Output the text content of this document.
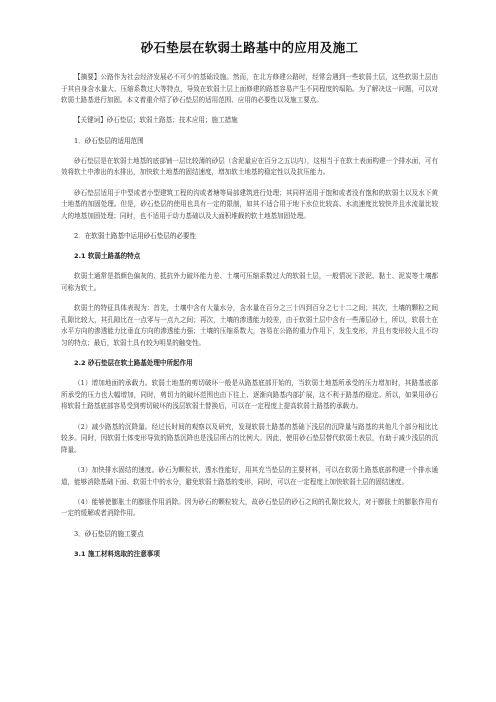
砂石垫层在软弱土路基中的应用及施工

【摘要】公路作为社会经济发展必不可少的基础设施。然而，在北方修建公路时，经常会遇到一些软弱土层，这些软弱土层由于其自身含水量大、压缩系数过大等特点，导致在软弱土层上面修建的路基容易产生不同程度的塌陷。为了解决这一问题，可以对软弱土路基进行加固。本文着重介绍了砂石垫层的适用范围、应用的必要性以及施工要点。

【关键词】砂石垫层；软弱土路基；技术应用；施工措施

1．砂石垫层的适用范围

砂石垫层是在软弱土地基的底部铺一层比较薄的砂层（含泥量应在百分之五以内），这相当于在软土表面构建一个排水面，可有效将软土中渗出的水排出，加快软土地基的固结速度，增加软土地基的稳定性以及抗压能力。

砂石垫层适用于中型或者小型建筑工程的沟或者塘等局部建筑进行处理；其同样适用于饱和或者没有饱和的软弱土以及水下黄土地基的加固处理。但是，砂石垫层的使用也具有一定的限制，如其不适合用于地下水位比较高、水流速度比较快并且水流量比较大的地基加固处理；同时，也不适用于动力基础以及大面积堆载的软土地基加固处理。

2．在软弱土路基中运用砂石垫层的必要性

2.1 软弱土路基的特点

软弱土通常是指颜色偏灰的、抵抗外力破坏能力差、土壤可压缩系数过大的软弱土层，一般情况下淤泥、黏土、泥炭等土壤都可称为软土。

软弱土的特征具体表现为：首先，土壤中含有大量水分，含水量在百分之三十四到百分之七十二之间；其次，土壤的颗粒之间孔隙比较大，其孔隙比在一点零与一点九之间；再次，土壤的渗透能力较差，由于软弱土层中含有一些薄层砂土，所以，软弱土在水平方向的渗透能力比垂直方向的渗透能力强；土壤的压缩系数大，容易在公路的重力作用下，发生变形，并且有变形较大且不均匀的特点；最后，软弱土具有较为明显的触变性。

2.2 砂石垫层在软土路基处理中所起作用

（1）增加地面的承载力。软弱土地基的剪切破坏一般是从路基底部开始的，当软弱土地基所承受的压力增加时，其路基底部所承受的压力也大幅增加，同时，剪切力的破坏范围也由下往上、逐渐向路基内部扩展，这不利于路基的稳定。所以，如果用砂石将软弱土路基底部容易受到剪切破坏的浅层软弱土替换后，可以在一定程度上提高软弱土路基的承载力。

（2）减少路基的沉降量。经过长时间的观察以及研究，发现软弱土路基的基础下浅层的沉降量与路基的其他几个部分相比比较多。同时，因软弱土体变形导致的路基沉降也是浅层所占的比例大。因此，使用砂石垫层替代软弱土表层，有助于减少浅层的沉降量。

（3）加快排水固结的速度。砂石为颗粒状，透水性能好，用其充当垫层的主要材料，可以在软弱土路基底部构建一个排水通道，能够消除基础下面、软弱土中的水分，避免软弱土路基的变形，同时，可以在一定程度上加快软弱土层的固结速度。

（4）能够使膨胀土的膨胀作用消除。因为砂石的颗粒较大，故砂石垫层的砂石之间的孔隙比较大，对于膨胀土的膨胀作用有一定的缓解或者消除作用。

3．砂石垫层的施工要点

3.1 施工材料选取的注意事项
